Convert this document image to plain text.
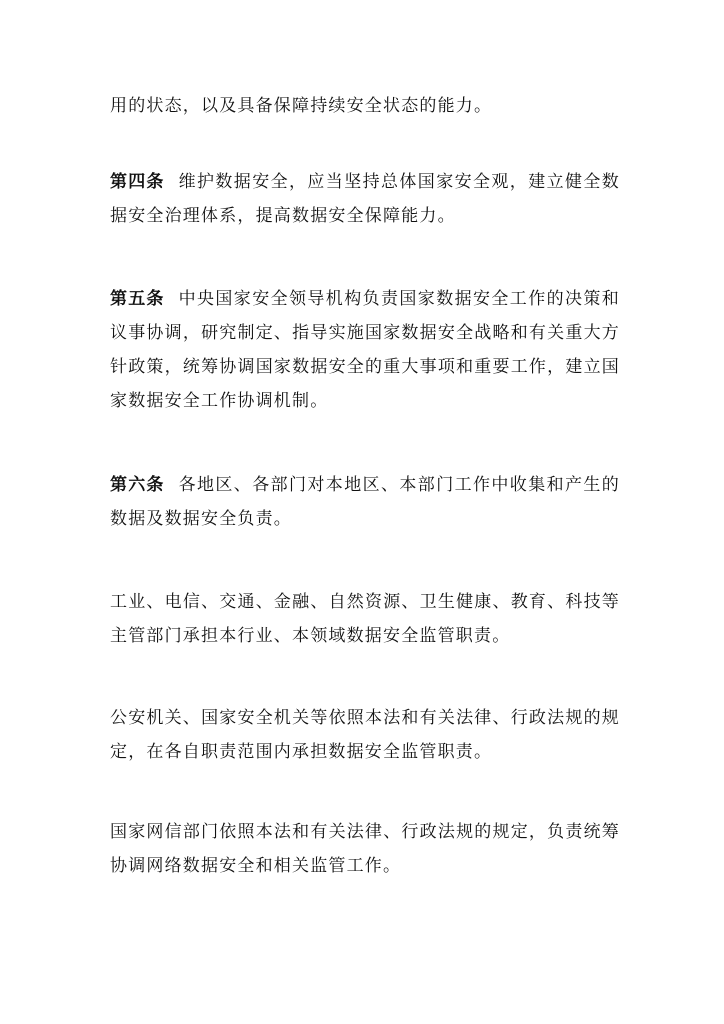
用的状态，以及具备保障持续安全状态的能力。

第四条 维护数据安全，应当坚持总体国家安全观，建立健全数据安全治理体系，提高数据安全保障能力。

第五条 中央国家安全领导机构负责国家数据安全工作的决策和议事协调，研究制定、指导实施国家数据安全战略和有关重大方针政策，统筹协调国家数据安全的重大事项和重要工作，建立国家数据安全工作协调机制。

第六条 各地区、各部门对本地区、本部门工作中收集和产生的数据及数据安全负责。

工业、电信、交通、金融、自然资源、卫生健康、教育、科技等主管部门承担本行业、本领域数据安全监管职责。

公安机关、国家安全机关等依照本法和有关法律、行政法规的规定，在各自职责范围内承担数据安全监管职责。

国家网信部门依照本法和有关法律、行政法规的规定，负责统筹协调网络数据安全和相关监管工作。
